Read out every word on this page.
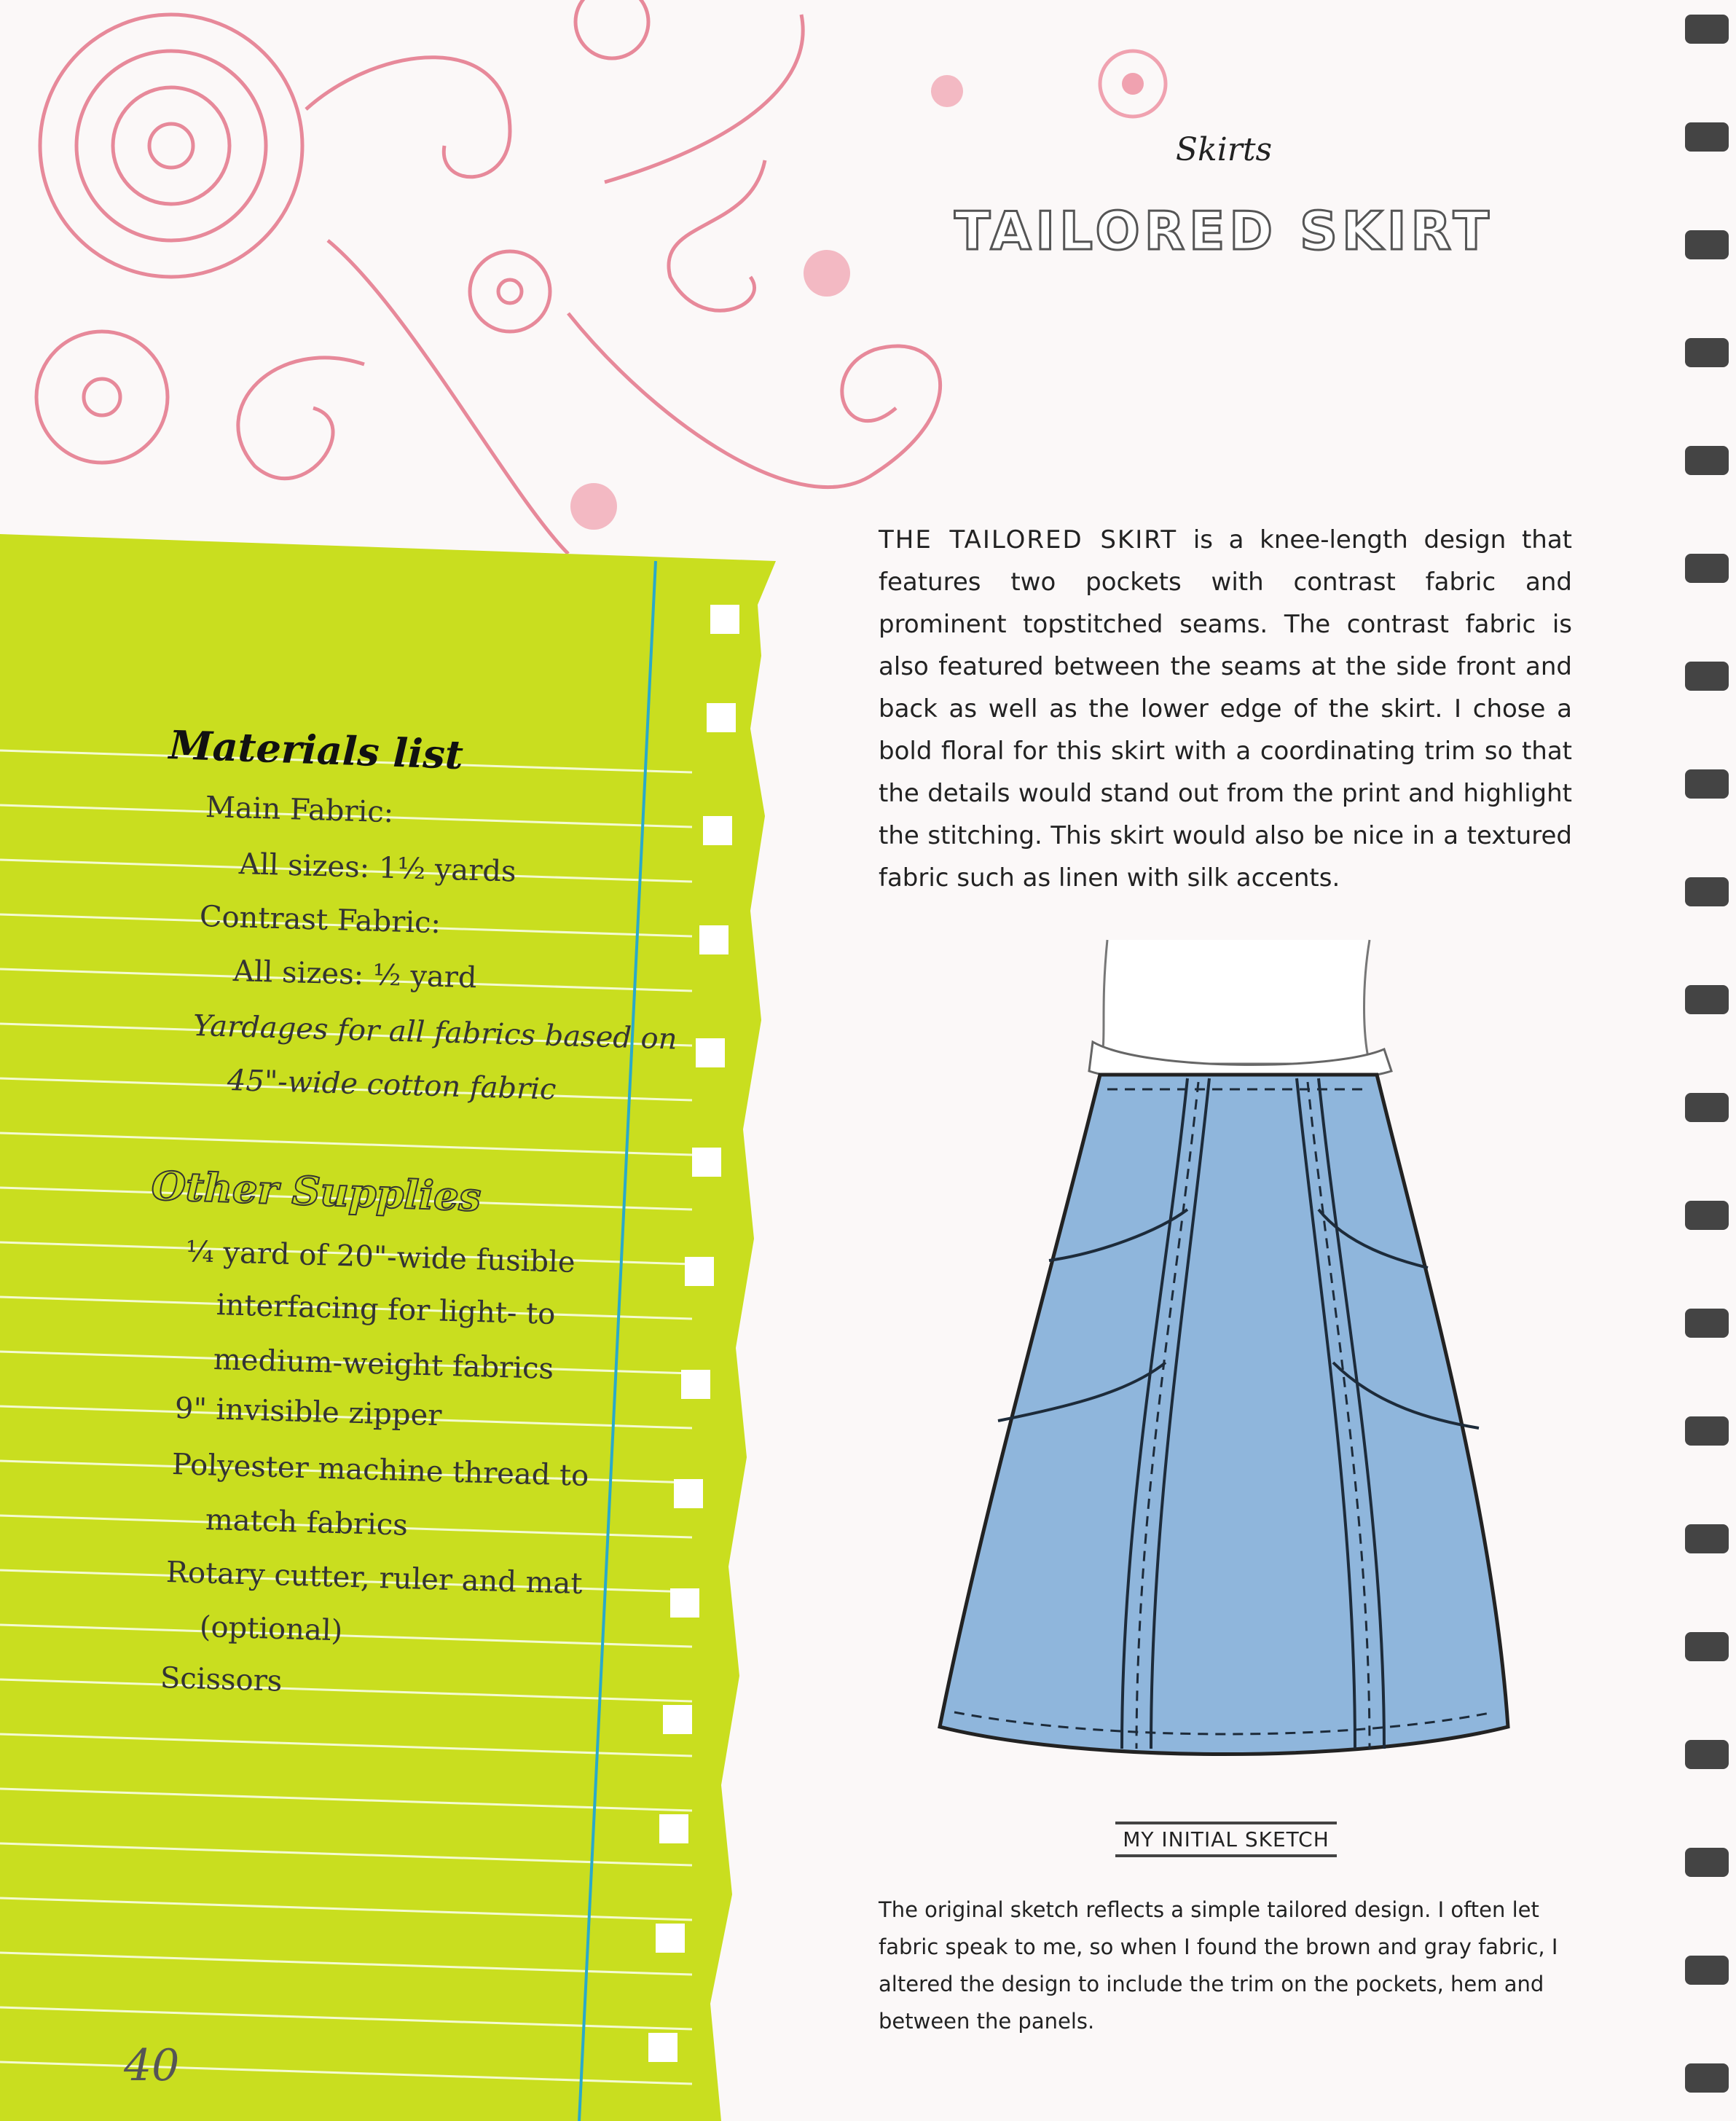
Skirts
TAILORED SKIRT
THE TAILORED SKIRT is a knee-length design that features two pockets with contrast fabric and prominent topstitched seams. The contrast fabric is also featured between the seams at the side front and back as well as the lower edge of the skirt. I chose a bold floral for this skirt with a coordinating trim so that the details would stand out from the print and highlight the stitching. This skirt would also be nice in a textured fabric such as linen with silk accents.
MY INITIAL SKETCH
The original sketch reflects a simple tailored design. I often let fabric speak to me, so when I found the brown and gray fabric, I altered the design to include the trim on the pockets, hem and between the panels.
Materials list
Main Fabric:
All sizes: 1½ yards
Contrast Fabric:
All sizes: ½ yard
Yardages for all fabrics based on
45"-wide cotton fabric
Other Supplies
¼ yard of 20"-wide fusible
interfacing for light- to
medium-weight fabrics
9" invisible zipper
Polyester machine thread to
match fabrics
Rotary cutter, ruler and mat
(optional)
Scissors
40
